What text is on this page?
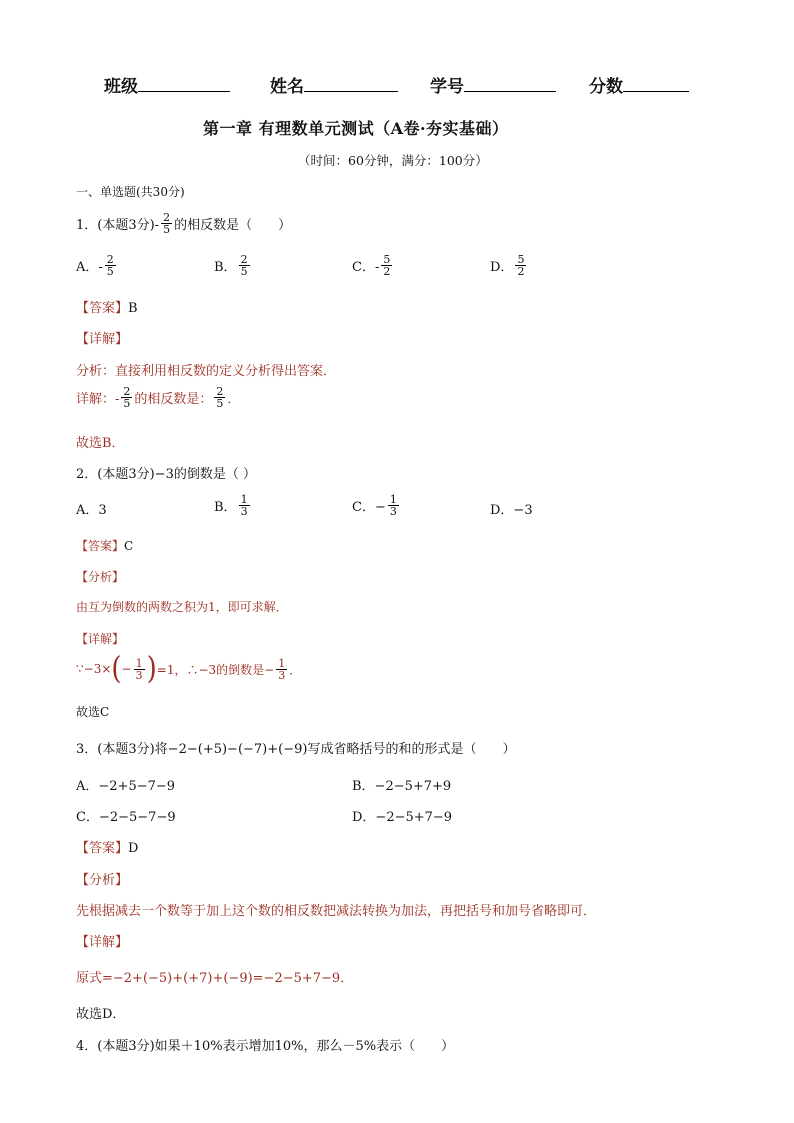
班级	姓名	学号	分数
第一章 有理数单元测试（A卷·夯实基础）
（时间：60分钟，满分：100分）
一、单选题(共30分)
1．(本题3分)- $\frac{2}{5}$ 的相反数是（　　）
A．- $\frac{2}{5}$	B． $\frac{2}{5}$	C．- $\frac{5}{2}$	D． $\frac{5}{2}$
【答案】B
【详解】
分析：直接利用相反数的定义分析得出答案．
详解：- $\frac{2}{5}$ 的相反数是： $\frac{2}{5}$ ．
故选B．
2．(本题3分)−3的倒数是（ ）
A．3	B． $\frac{1}{3}$	C．− $\frac{1}{3}$	D．−3
【答案】C
【分析】
由互为倒数的两数之积为1，即可求解．
【详解】
∵−3× ( − $\frac{1}{3}$ ) =1，∴−3的倒数是− $\frac{1}{3}$ ．
故选C
3．(本题3分)将−2−(+5)−(−7)+(−9)写成省略括号的和的形式是（　　）
A．−2+5−7−9	B．−2−5+7+9
C．−2−5−7−9	D．−2−5+7−9
【答案】D
【分析】
先根据减去一个数等于加上这个数的相反数把减法转换为加法，再把括号和加号省略即可．
【详解】
原式=−2+(−5)+(+7)+(−9)=−2−5+7−9．
故选D．
4．(本题3分)如果＋10%表示增加10%，那么－5%表示（　　）
